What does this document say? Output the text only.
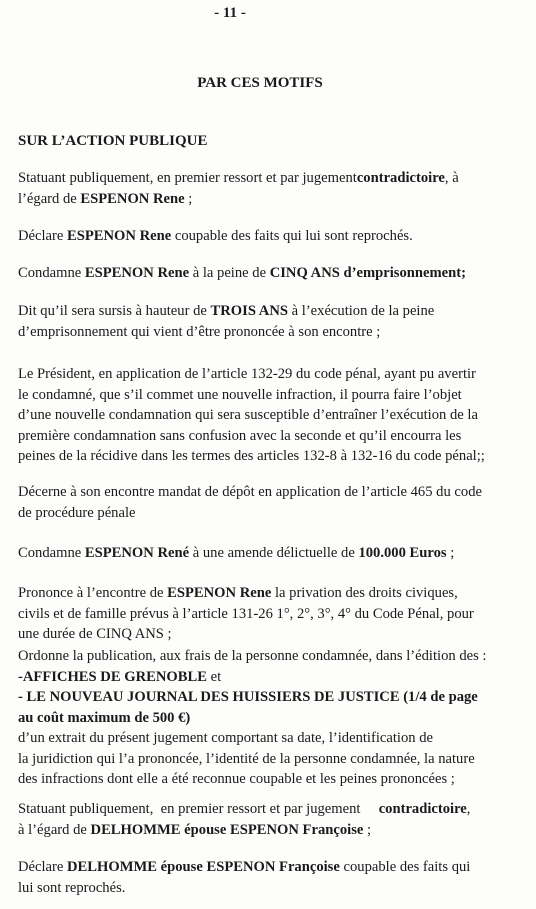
- 11 -
PAR CES MOTIFS
SUR L’ACTION PUBLIQUE
Statuant publiquement, en premier ressort et par jugementcontradictoire, à
l’égard de ESPENON Rene ;
Déclare ESPENON Rene coupable des faits qui lui sont reprochés.
Condamne ESPENON Rene à la peine de CINQ ANS d’emprisonnement;
Dit qu’il sera sursis à hauteur de TROIS ANS à l’exécution de la peine
d’emprisonnement qui vient d’être prononcée à son encontre ;
Le Président, en application de l’article 132-29 du code pénal, ayant pu avertir
le condamné, que s’il commet une nouvelle infraction, il pourra faire l’objet
d’une nouvelle condamnation qui sera susceptible d’entraîner l’exécution de la
première condamnation sans confusion avec la seconde et qu’il encourra les
peines de la récidive dans les termes des articles 132-8 à 132-16 du code pénal;;
Décerne à son encontre mandat de dépôt en application de l’article 465 du code
de procédure pénale
Condamne ESPENON René à une amende délictuelle de 100.000 Euros ;
Prononce à l’encontre de ESPENON Rene la privation des droits civiques,
civils et de famille prévus à l’article 131-26 1°, 2°, 3°, 4° du Code Pénal, pour
une durée de CINQ ANS ;
Ordonne la publication, aux frais de la personne condamnée, dans l’édition des :
-AFFICHES DE GRENOBLE et
- LE NOUVEAU JOURNAL DES HUISSIERS DE JUSTICE (1/4 de page
au coût maximum de 500 €)
d’un extrait du présent jugement comportant sa date, l’identification de
la juridiction qui l’a prononcée, l’identité de la personne condamnée, la nature
des infractions dont elle a été reconnue coupable et les peines prononcées ;
Statuant publiquement,  en premier ressort et par jugement     contradictoire,
à l’égard de DELHOMME épouse ESPENON Françoise ;
Déclare DELHOMME épouse ESPENON Françoise coupable des faits qui
lui sont reprochés.
